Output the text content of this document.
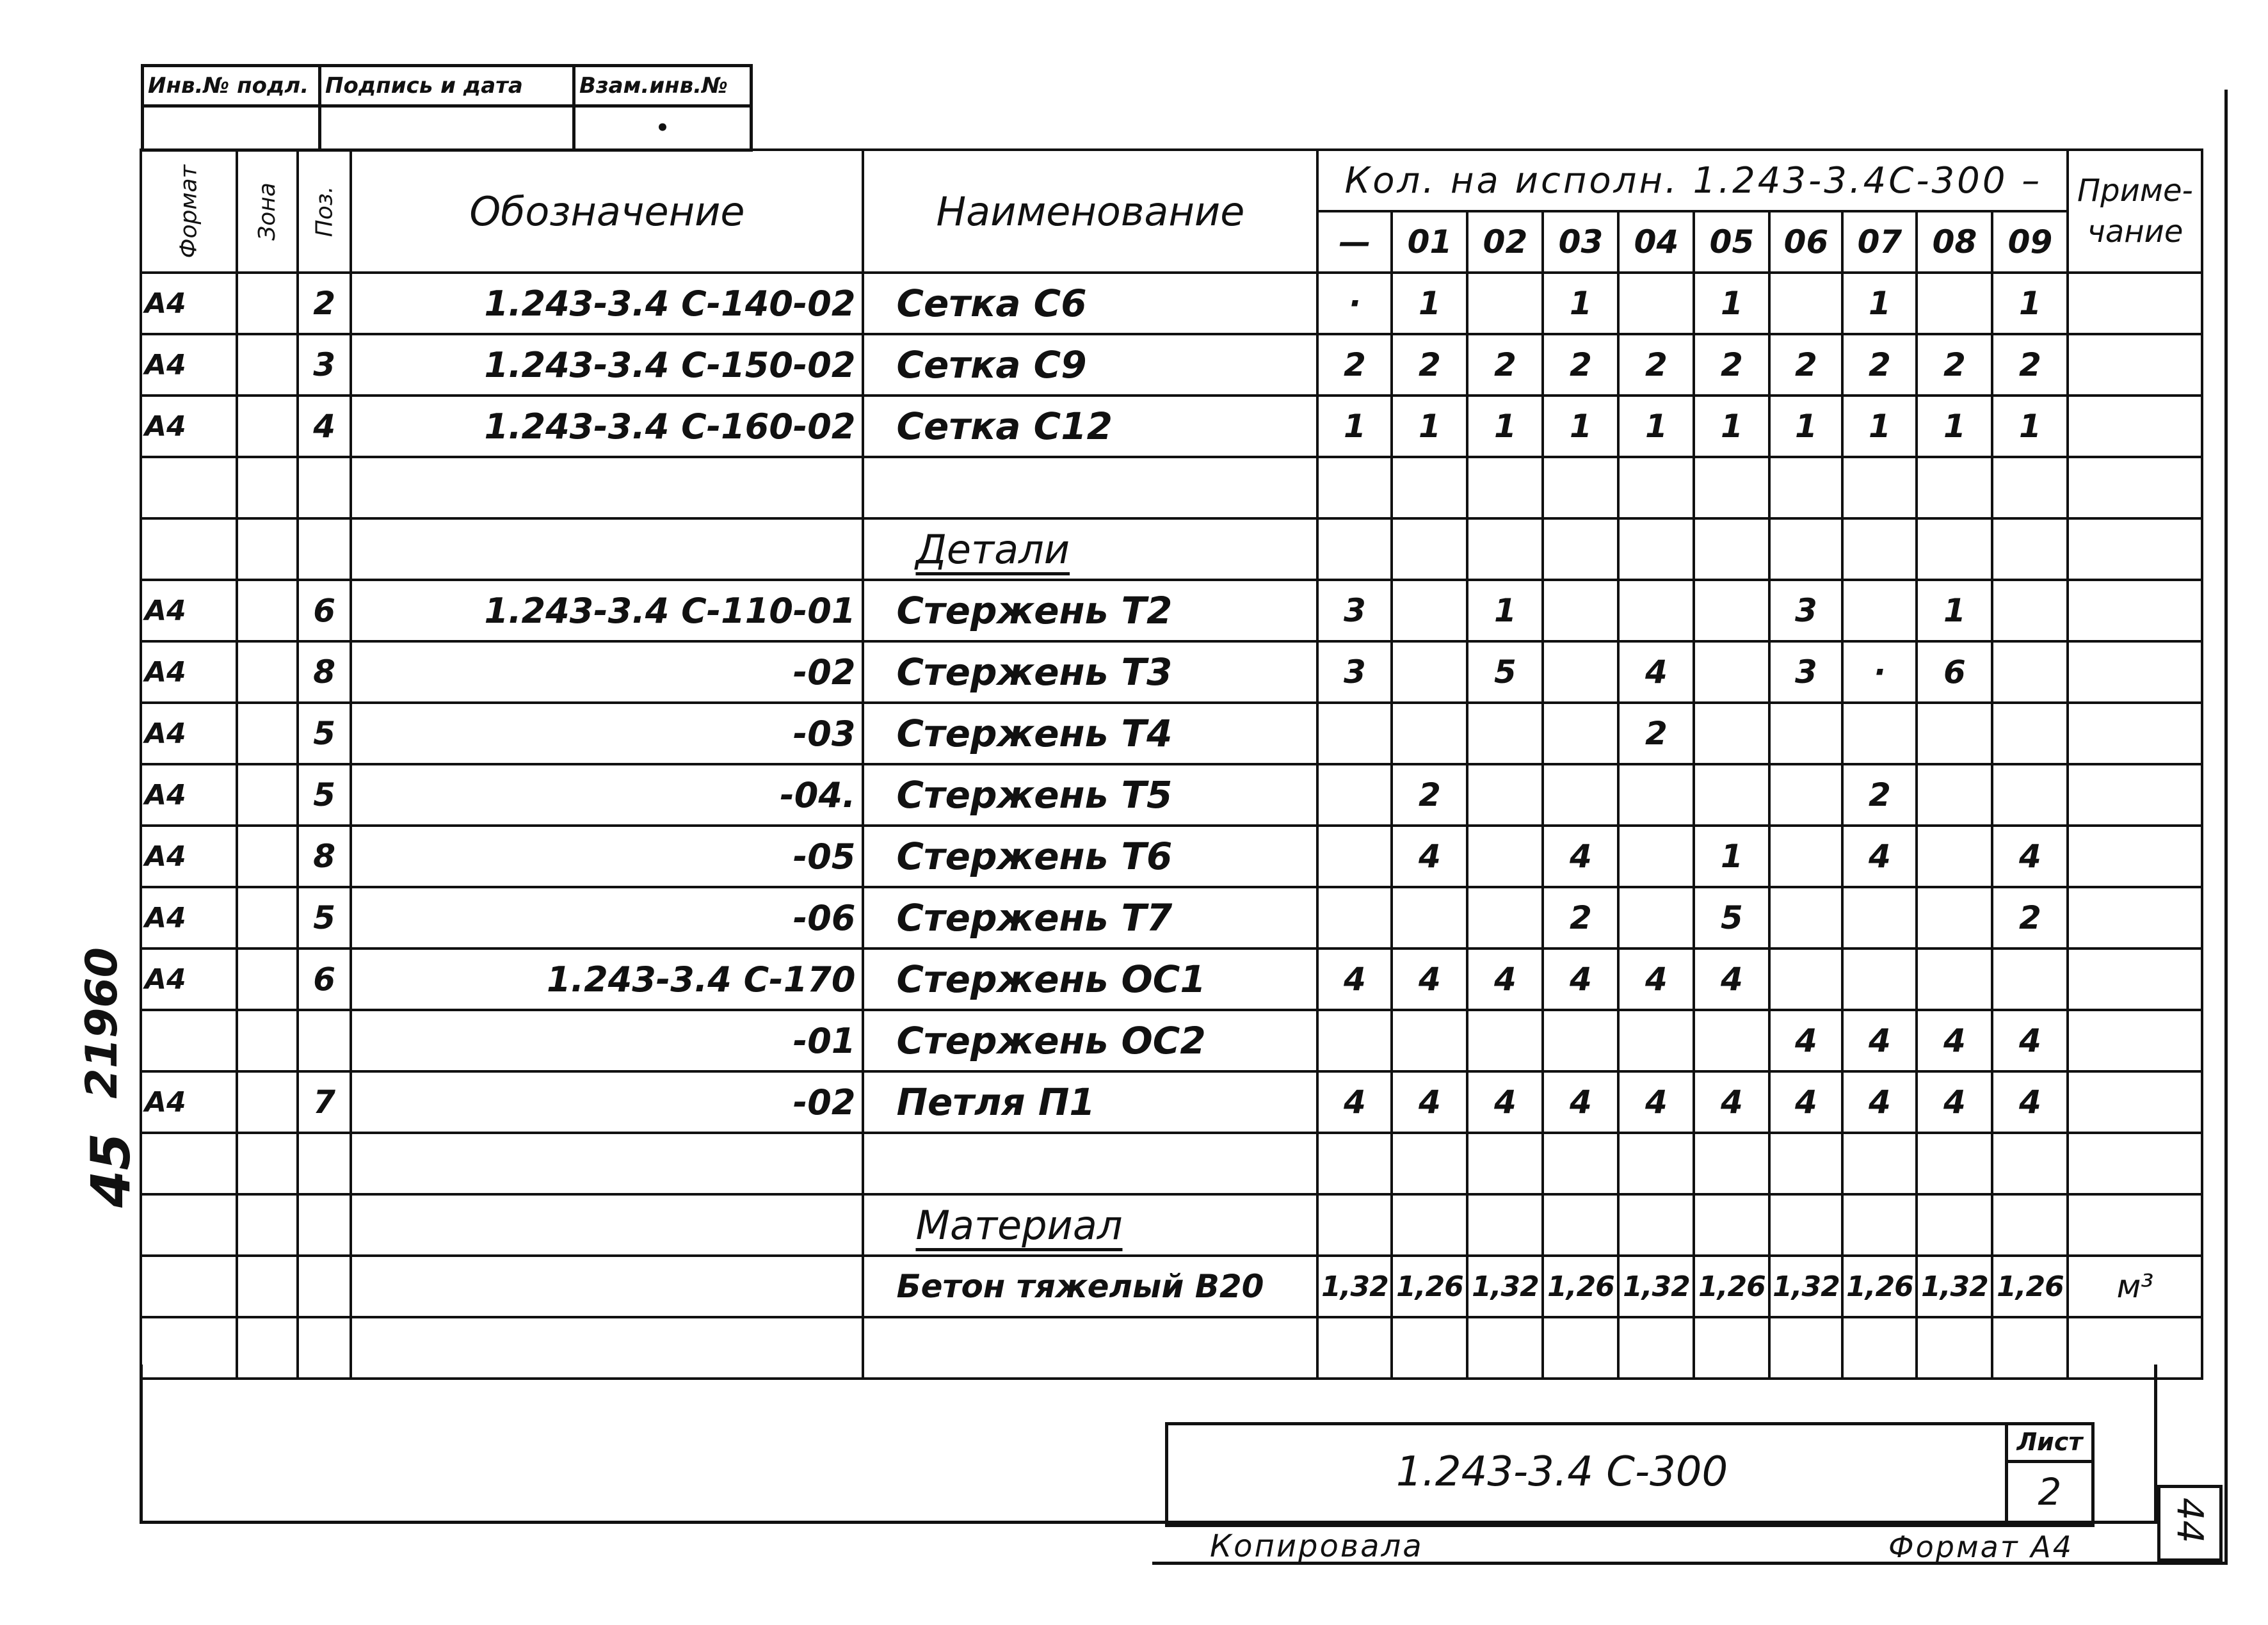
Инв.№ подл.	Подпись и дата	Взам.инв.№
		•
Формат	Зона	Поз.	Обозначение	Наименование	Кол. на исполн. 1.243-3.4С-300 –										Приме-
чание
					—	01	02	03	04	05	06	07	08	09	
А4		2	1.243-3.4 С-140-02	Сетка С6	·	1		1		1		1		1	
А4		3	1.243-3.4 С-150-02	Сетка С9	2	2	2	2	2	2	2	2	2	2	
А4		4	1.243-3.4 С-160-02	Сетка С12	1	1	1	1	1	1	1	1	1	1	

				Детали											
А4		6	1.243-3.4 С-110-01	Стержень Т2	3		1				3		1		
А4		8	-02	Стержень Т3	3		5		4		3	·	6		
А4		5	-03	Стержень Т4					2						
А4		5	-04.	Стержень Т5		2						2			
А4		8	-05	Стержень Т6		4		4		1		4		4	
А4		5	-06	Стержень Т7				2		5				2	
А4		6	1.243-3.4 С-170	Стержень ОС1	4	4	4	4	4	4					
			-01	Стержень ОС2							4	4	4	4	
А4		7	-02	Петля П1	4	4	4	4	4	4	4	4	4	4	

				Материал											
				Бетон тяжелый В20	1,32	1,26	1,32	1,26	1,32	1,26	1,32	1,26	1,32	1,26	м³

1.243-3.4 С-300
Лист
2
Копировала	Формат А4
44
21960
45
